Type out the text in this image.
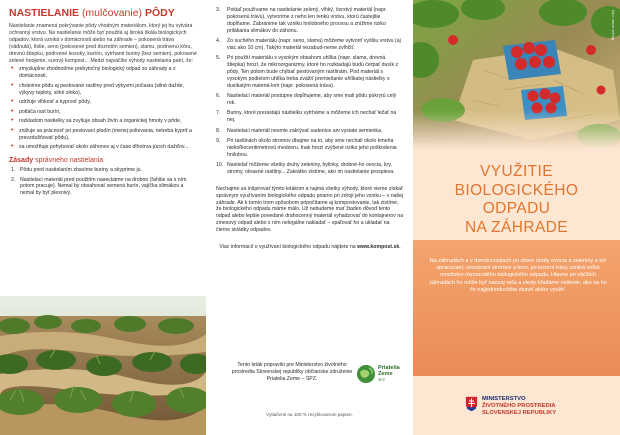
NASTIELANIE (mulčovanie) PÔDY

Nastielanie znamená pokrývanie pôdy vhodným materiálom, ktorý jej hu vytvára ochranný vrstvu. Na nastielanie môže byť použitá aj široká škála biologických odpadov, ktorá vzniká v domácnosti alebo na záhrade – pokosená tráva (vädnutá), lístie, seno (pokosené pred dozretím semien), slamu, podrvenú kôru, drevnú štiepku, podrvené kosoky, kartón, vytrhané buriny (bez semien), pokosené zelené hnojenie, surový kompost... Medzi najväčšie výhody nastielania patrí, že:

• zmysluplne zhodnotíme prebytočný biologický odpad zo záhrady a z domácnosti,
• chránime pôdu aj pestované rastliny pred výkyvmi počasia (silné dažde, výkyvy teploty, silné slnko),
• udržuje vlhkosť a kyprosť pôdy,
• potláča rast burín,
• rozkladom nastielky sa zvyšuje obsah živín a organickej hmoty v pôde,
• znižuje sa prácnosť pri pestovaní plodín (menej polievania, netreba kypriť a prevzdušňovať pôdu),
• sa umožňuje pohybovať okolo záhonov aj v čase dlhotrva-júcich dažďov...
Zásady správneho nastielania
1. Pôdu pred nastielaním zbavíme buriny a skyprime ju.
2. Nastielací materiál pred použitím naseckáme na drobno (ľahšie sa s ním potom pracuje). Nemal by obsahovať semená burín, vajíčka slimákov a nemal by byť plesnivý.
3. Pokiaľ používame na nastielanie zelený, vlhký, čerstvý materiál (napr. pokosenú trávu), vytvoríme z neho len tenkú vrstvu, ktorú častejšie dopĺňame. Zabránime tak vzniku hnilobného procesu a znížime riziko prilákania slimákov do záhonu.
4. Zo suchého materiálu (napr. seno, slama) môžeme vytvoriť vyššiu vrstvu (aj viac ako 10 cm). Takýto materiál nezabud-neme zvlhčiť.
5. Pri použití materiálu s vysokým obsahom uhlíka (napr. slama, drevná štiepka) hrozí, že mikroorganizmy, ktoré ho rozkladajú budú čerpať dusík z pôdy. Ten potom bude chýbať pestovaným rastlinám. Pod materiál s vysokým podielom uhlíka treba zvážiť premiešanie uhlíkatej nástielky s dusíkatým materiá-lom (napr. pokosená tráva).
6. Nastielací materiál postupne dopĺňujeme, aby sme mali pôdu pokrytú celý rok.
7. Buriny, ktoré prerastajú nástielku vytrháme a môžeme ich nechať ležať na nej.
8. Nastielací materiál nesmie zakrývať sadenice ani vysiate semienka.
9. Pri rastlinách okolo stromov dbajme na to, aby sme nechali okolo kmeňa niekoľkocentimetrovú medzeru. Inak hrozí zvýšené riziko jeho poškodenia hnilobou.
10. Nastielať môžeme všetky druhy zeleniny, bylinky, drobné-ho ovocia, kry, stromy, okrasné rastliny... Zakrátko zistíme, ako im nastielanie prospieva.

Nechajme sa inšpirovať týmto letákom a najmä všetky výhody, ktoré vieme získať správnym využívaním biologického odpadu priamo pri zdroji jeho vzniku – v našej záhrade. Ak k tomto trom spôsobom pripočítame aj kompostovanie, tak zistíme, že biologického odpadu máme málo. Už nebudeme mať žiaden dôvod tento odpad alebo lepšie povedané drahocenný materiál vyhadzovať do kontajnerov na zmesový odpad alebo s ním nelegálne nakladať – spaľovať ho a ukladať na čierne skládky odpadov.

Viac informácií o využívaní biologického odpadu nájdete na www.kompost.sk.

Tento leták pripravilo pre Ministerstvo životného prostredia Slovenskej republiky občianske združenie Priatelia Zeme – SPZ.

Priatelia
Zeme
SPZ
Vytlačené na 100 % recyklovanom papieri.
foto: stock.xchng
VYUŽITIE
BIOLOGICKÉHO
ODPADU
NA ZÁHRADE

Na záhradách a v domácnostiach po zbere úrody ovocia a zeleniny a ich spracovaní, orezávaní stromov a krov, po kosení trávy vzniká veľké množstvo rôznorodého biologického odpadu. Hlavne pri väčších záhradách ho môže byť naozaj veľa a vtedy hľadáme riešenie, ako sa ho čo najjednoduchšie zbaviť alebo využiť.

MINISTERSTVO
ŽIVOTNÉHO PROSTREDIA
SLOVENSKEJ REPUBLIKY
